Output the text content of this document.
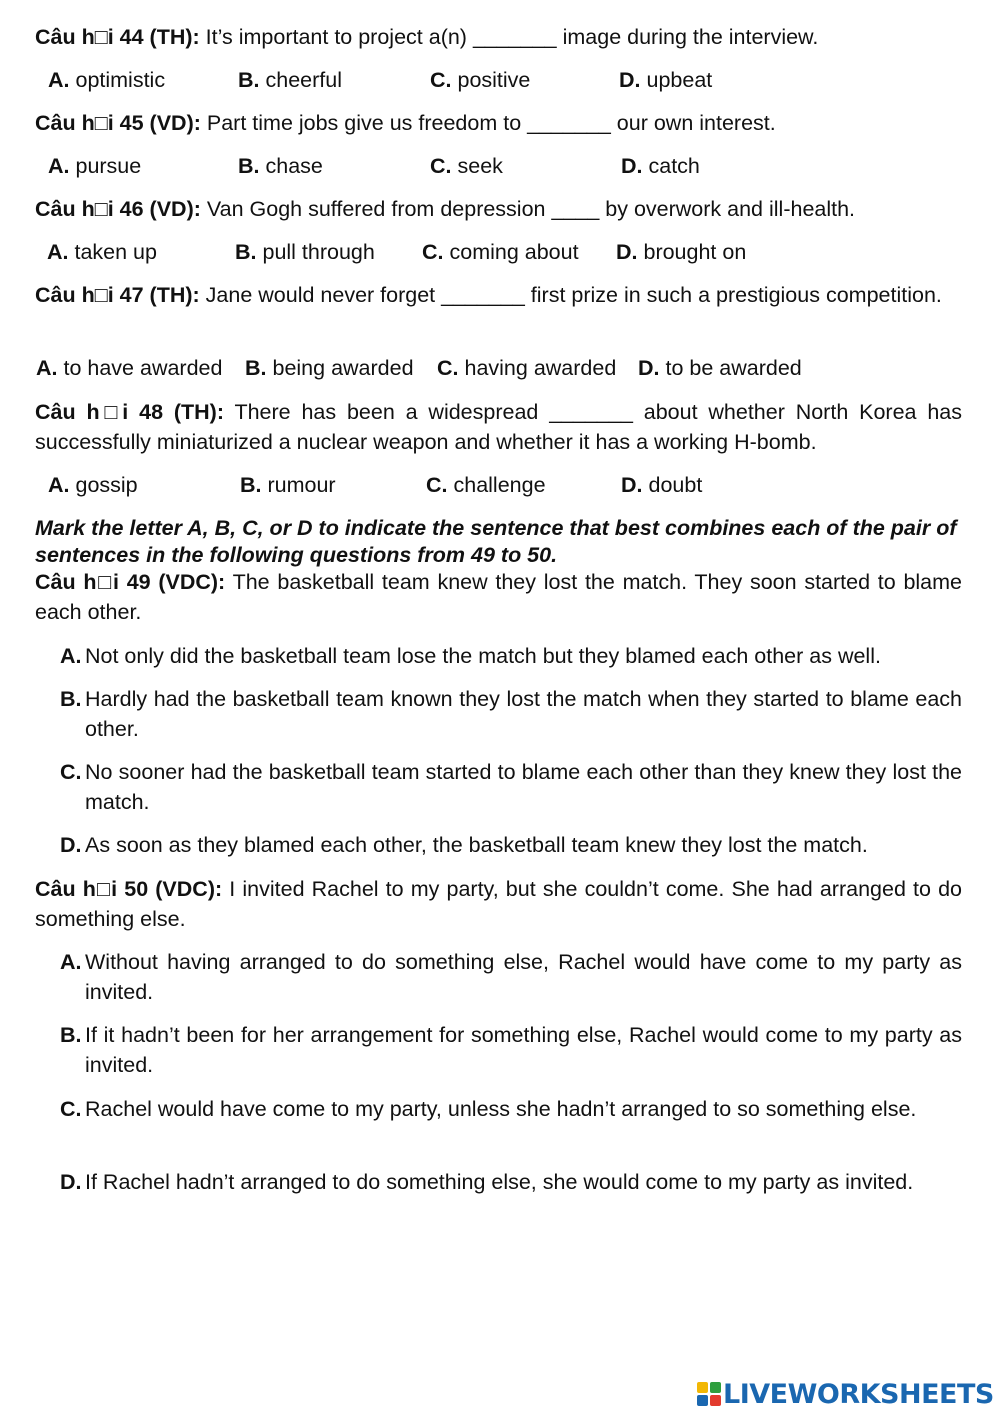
Câu h□i 44 (TH): It’s important to project a(n) _______ image during the interview.
A. optimistic	B. cheerful	C. positive	D. upbeat
Câu h□i 45 (VD): Part time jobs give us freedom to _______ our own interest.
A. pursue	B. chase	C. seek	D. catch
Câu h□i 46 (VD): Van Gogh suffered from depression ____ by overwork and ill-health.
A. taken up	B. pull through C. coming about D. brought on
Câu h□i 47 (TH): Jane would never forget _______ first prize in such a prestigious competition.
A. to have awarded B. being awarded C. having awarded D. to be awarded
Câu h□i 48 (TH): There has been a widespread _______ about whether North Korea has successfully miniaturized a nuclear weapon and whether it has a working H-bomb.
A. gossip	B. rumour	C. challenge	D. doubt
Mark the letter A, B, C, or D to indicate the sentence that best combines each of the pair of sentences in the following questions from 49 to 50.
Câu h□i 49 (VDC): The basketball team knew they lost the match. They soon started to blame each other.
A. Not only did the basketball team lose the match but they blamed each other as well.
B. Hardly had the basketball team known they lost the match when they started to blame each other.
C. No sooner had the basketball team started to blame each other than they knew they lost the match.
D. As soon as they blamed each other, the basketball team knew they lost the match.
Câu h□i 50 (VDC): I invited Rachel to my party, but she couldn’t come. She had arranged to do something else.
A. Without having arranged to do something else, Rachel would have come to my party as invited.
B. If it hadn’t been for her arrangement for something else, Rachel would come to my party as invited.
C. Rachel would have come to my party, unless she hadn’t arranged to so something else.
D. If Rachel hadn’t arranged to do something else, she would come to my party as invited.
LIVEWORKSHEETS
